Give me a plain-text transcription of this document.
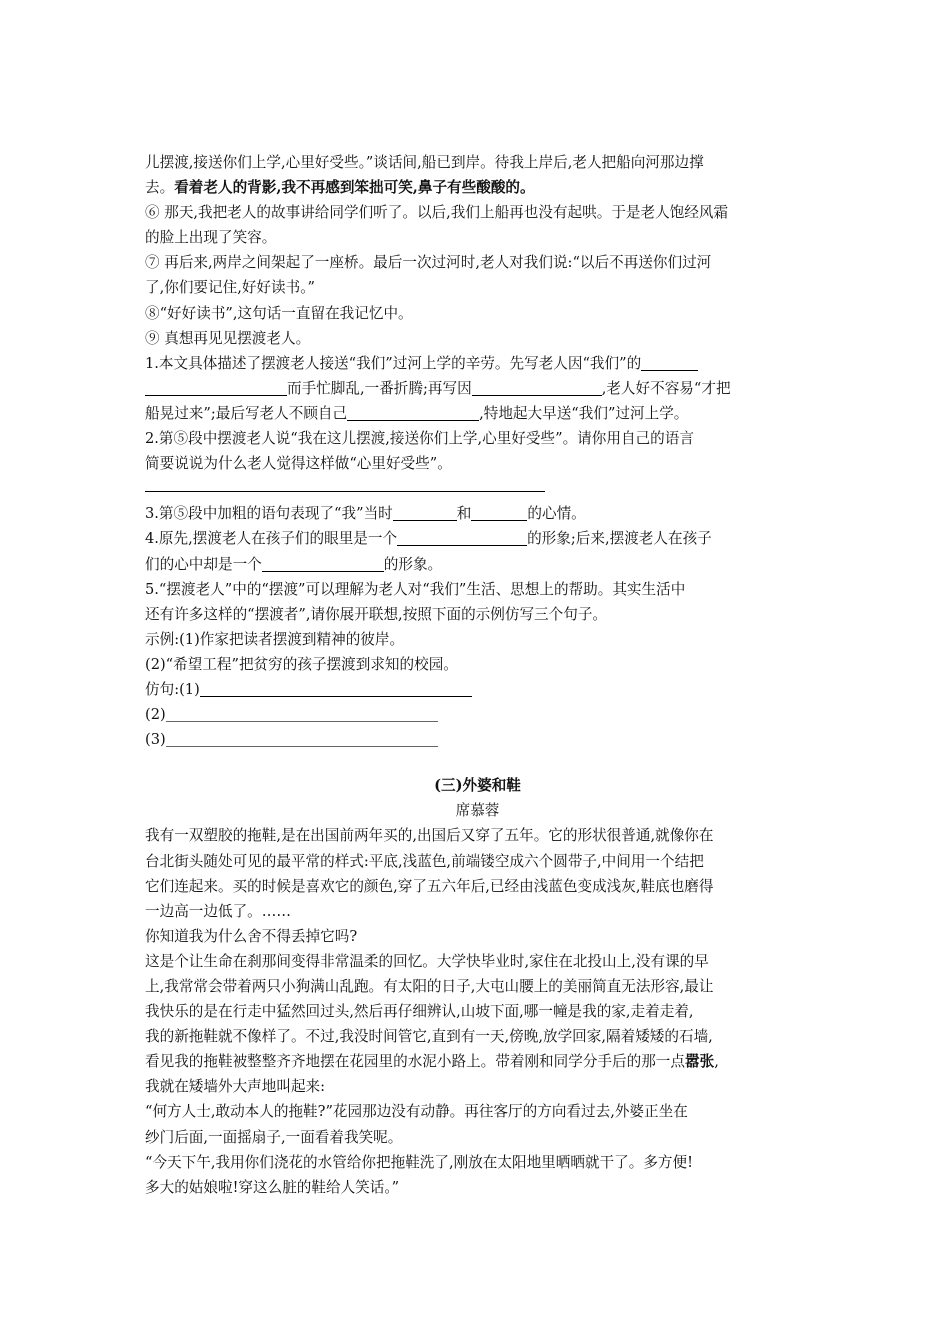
儿摆渡,接送你们上学,心里好受些。”谈话间,船已到岸。待我上岸后,老人把船向河那边撑
去。看着老人的背影,我不再感到笨拙可笑,鼻子有些酸酸的。
⑥ 那天,我把老人的故事讲给同学们听了。以后,我们上船再也没有起哄。于是老人饱经风霜
的脸上出现了笑容。
⑦ 再后来,两岸之间架起了一座桥。最后一次过河时,老人对我们说:“以后不再送你们过河
了,你们要记住,好好读书。”
⑧“好好读书”,这句话一直留在我记忆中。
⑨ 真想再见见摆渡老人。
1.本文具体描述了摆渡老人接送“我们”过河上学的辛劳。先写老人因“我们”的
而手忙脚乱,一番折腾;再写因	,老人好不容易“才把
船晃过来”;最后写老人不顾自己	,特地起大早送“我们”过河上学。
2.第⑤段中摆渡老人说“我在这儿摆渡,接送你们上学,心里好受些”。请你用自己的语言
简要说说为什么老人觉得这样做“心里好受些”。
3.第⑤段中加粗的语句表现了“我”当时	和	的心情。
4.原先,摆渡老人在孩子们的眼里是一个	的形象;后来,摆渡老人在孩子
们的心中却是一个	的形象。
5.“摆渡老人”中的“摆渡”可以理解为老人对“我们”生活、思想上的帮助。其实生活中
还有许多这样的“摆渡者”,请你展开联想,按照下面的示例仿写三个句子。
示例:(1)作家把读者摆渡到精神的彼岸。
(2)“希望工程”把贫穷的孩子摆渡到求知的校园。
仿句:(1)
(2)
(3)
(三)外婆和鞋
席慕蓉
我有一双塑胶的拖鞋,是在出国前两年买的,出国后又穿了五年。它的形状很普通,就像你在
台北街头随处可见的最平常的样式:平底,浅蓝色,前端镂空成六个圆带子,中间用一个结把
它们连起来。买的时候是喜欢它的颜色,穿了五六年后,已经由浅蓝色变成浅灰,鞋底也磨得
一边高一边低了。……
你知道我为什么舍不得丢掉它吗?
这是个让生命在刹那间变得非常温柔的回忆。大学快毕业时,家住在北投山上,没有课的早
上,我常常会带着两只小狗满山乱跑。有太阳的日子,大屯山腰上的美丽简直无法形容,最让
我快乐的是在行走中猛然回过头,然后再仔细辨认,山坡下面,哪一幢是我的家,走着走着,
我的新拖鞋就不像样了。不过,我没时间管它,直到有一天,傍晚,放学回家,隔着矮矮的石墙,
看见我的拖鞋被整整齐齐地摆在花园里的水泥小路上。带着刚和同学分手后的那一点嚣张,
我就在矮墙外大声地叫起来:
“何方人士,敢动本人的拖鞋?”花园那边没有动静。再往客厅的方向看过去,外婆正坐在
纱门后面,一面摇扇子,一面看着我笑呢。
“今天下午,我用你们浇花的水管给你把拖鞋洗了,刚放在太阳地里晒晒就干了。多方便!
多大的姑娘啦!穿这么脏的鞋给人笑话。”
